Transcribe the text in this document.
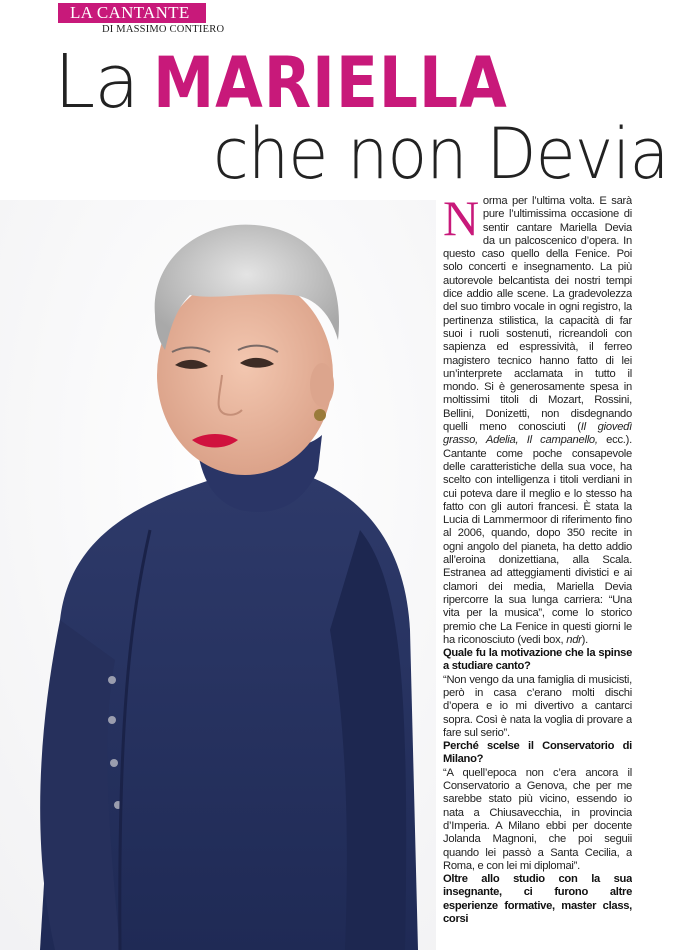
LA CANTANTE
DI MASSIMO CONTIERO
La MARIELLA
che non Devia

Norma per l’ultima volta. E sarà pure l’ultimissima occasione di sentir cantare Mariella Devia da un palcoscenico d’opera. In questo caso quello della Fenice. Poi solo concerti e insegnamento. La più autorevole belcantista dei nostri tempi dice addio alle scene. La gradevolezza del suo timbro vocale in ogni registro, la pertinenza stilistica, la capacità di far suoi i ruoli sostenuti, ricreandoli con sapienza ed espressività, il ferreo magistero tecnico hanno fatto di lei un’interprete acclamata in tutto il mondo. Si è generosamente spesa in moltissimi titoli di Mozart, Rossini, Bellini, Donizetti, non disdegnando quelli meno conosciuti (Il giovedì grasso, Adelia, Il campanello, ecc.). Cantante come poche consapevole delle caratteristiche della sua voce, ha scelto con intelligenza i titoli verdiani in cui poteva dare il meglio e lo stesso ha fatto con gli autori francesi. È stata la Lucia di Lammermoor di riferimento fino al 2006, quando, dopo 350 recite in ogni angolo del pianeta, ha detto addio all’eroina donizettiana, alla Scala. Estranea ad atteggiamenti divistici e ai clamori dei media, Mariella Devia ripercorre la sua lunga carriera: “Una vita per la musica”, come lo storico premio che La Fenice in questi giorni le ha riconosciuto (vedi box, ndr).

Quale fu la motivazione che la spinse a studiare canto?

“Non vengo da una famiglia di musicisti, però in casa c’erano molti dischi d’opera e io mi divertivo a cantarci sopra. Così è nata la voglia di provare a fare sul serio”.

Perché scelse il Conservatorio di Milano?

“A quell’epoca non c’era ancora il Conservatorio a Genova, che per me sarebbe stato più vicino, essendo io nata a Chiusavecchia, in provincia d’Imperia. A Milano ebbi per docente Jolanda Magnoni, che poi seguii quando lei passò a Santa Cecilia, a Roma, e con lei mi diplomai”.

Oltre allo studio con la sua insegnante, ci furono altre esperienze formative, master class, corsi
